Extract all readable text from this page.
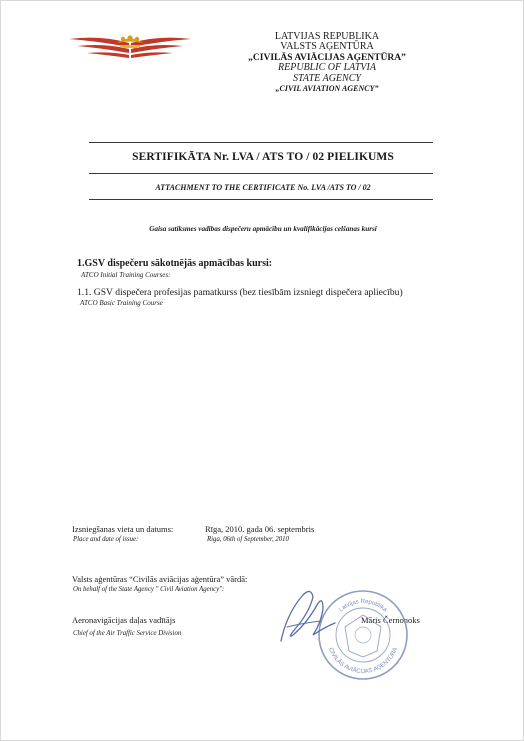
LATVIJAS REPUBLIKA
VALSTS AĢENTŪRA
„CIVILĀS AVIĀCIJAS AĢENTŪRA”
REPUBLIC OF LATVIA
STATE AGENCY
„CIVIL AVIATION AGENCY”
SERTIFIKĀTA Nr. LVA / ATS TO / 02 PIELIKUMS
ATTACHMENT TO THE CERTIFICATE No. LVA /ATS TO / 02
Gaisa satiksmes vadības dispečeru apmācību un kvalifikācijas celšanas kursi
1.GSV dispečeru sākotnējās apmācības kursi:
ATCO Initial Training Courses:
1.1. GSV dispečera profesijas pamatkurss (bez tiesībām izsniegt dispečera apliecību)
ATCO Basic Training Course
Izsniegšanas vieta un datums:
Place and date of issue:
Rīga, 2010. gada 06. septembris
Riga, 06th of September, 2010
Valsts aģentūras “Civilās aviācijas aģentūra” vārdā:
On behalf of the State Agency " Civil Aviation Agency":
Aeronavigācijas daļas vadītājs
Chief of the Air Traffic Service Division
Māris Černonoks
Latvijas Republika
CIVILĀS AVIĀCIJAS AĢENTŪRA
